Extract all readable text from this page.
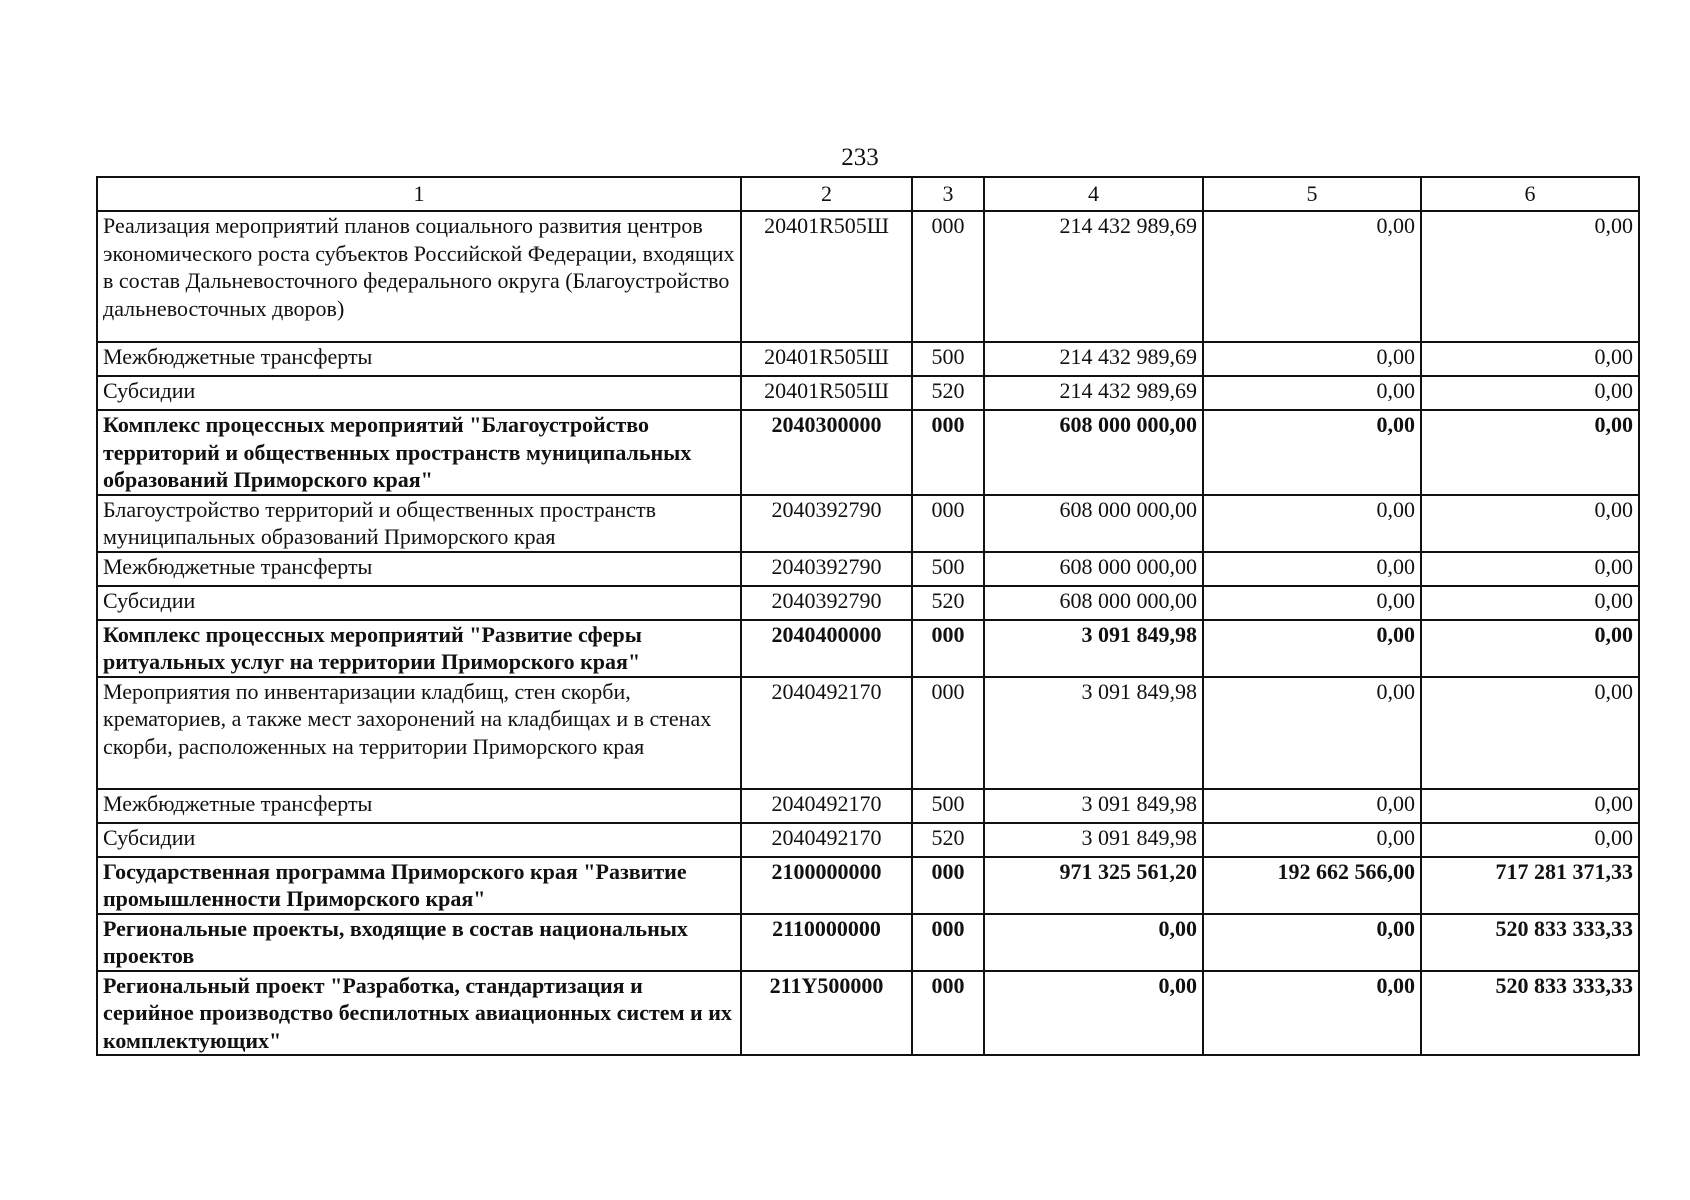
233
1	2	3	4	5	6
Реализация мероприятий планов социального развития центров экономического роста субъектов Российской Федерации, входящих в состав Дальневосточного федерального округа (Благоустройство дальневосточных дворов)	20401R505Ш	000	214 432 989,69	0,00	0,00
Межбюджетные трансферты	20401R505Ш	500	214 432 989,69	0,00	0,00
Субсидии	20401R505Ш	520	214 432 989,69	0,00	0,00
Комплекс процессных мероприятий "Благоустройство территорий и общественных пространств муниципальных образований Приморского края"	2040300000	000	608 000 000,00	0,00	0,00
Благоустройство территорий и общественных пространств муниципальных образований Приморского края	2040392790	000	608 000 000,00	0,00	0,00
Межбюджетные трансферты	2040392790	500	608 000 000,00	0,00	0,00
Субсидии	2040392790	520	608 000 000,00	0,00	0,00
Комплекс процессных мероприятий "Развитие сферы ритуальных услуг на территории Приморского края"	2040400000	000	3 091 849,98	0,00	0,00
Мероприятия по инвентаризации кладбищ, стен скорби, крематориев, а также мест захоронений на кладбищах и в стенах скорби, расположенных на территории Приморского края	2040492170	000	3 091 849,98	0,00	0,00
Межбюджетные трансферты	2040492170	500	3 091 849,98	0,00	0,00
Субсидии	2040492170	520	3 091 849,98	0,00	0,00
Государственная программа Приморского края "Развитие промышленности Приморского края"	2100000000	000	971 325 561,20	192 662 566,00	717 281 371,33
Региональные проекты, входящие в состав национальных проектов	2110000000	000	0,00	0,00	520 833 333,33
Региональный проект "Разработка, стандартизация и серийное производство беспилотных авиационных систем и их комплектующих"	211Y500000	000	0,00	0,00	520 833 333,33
